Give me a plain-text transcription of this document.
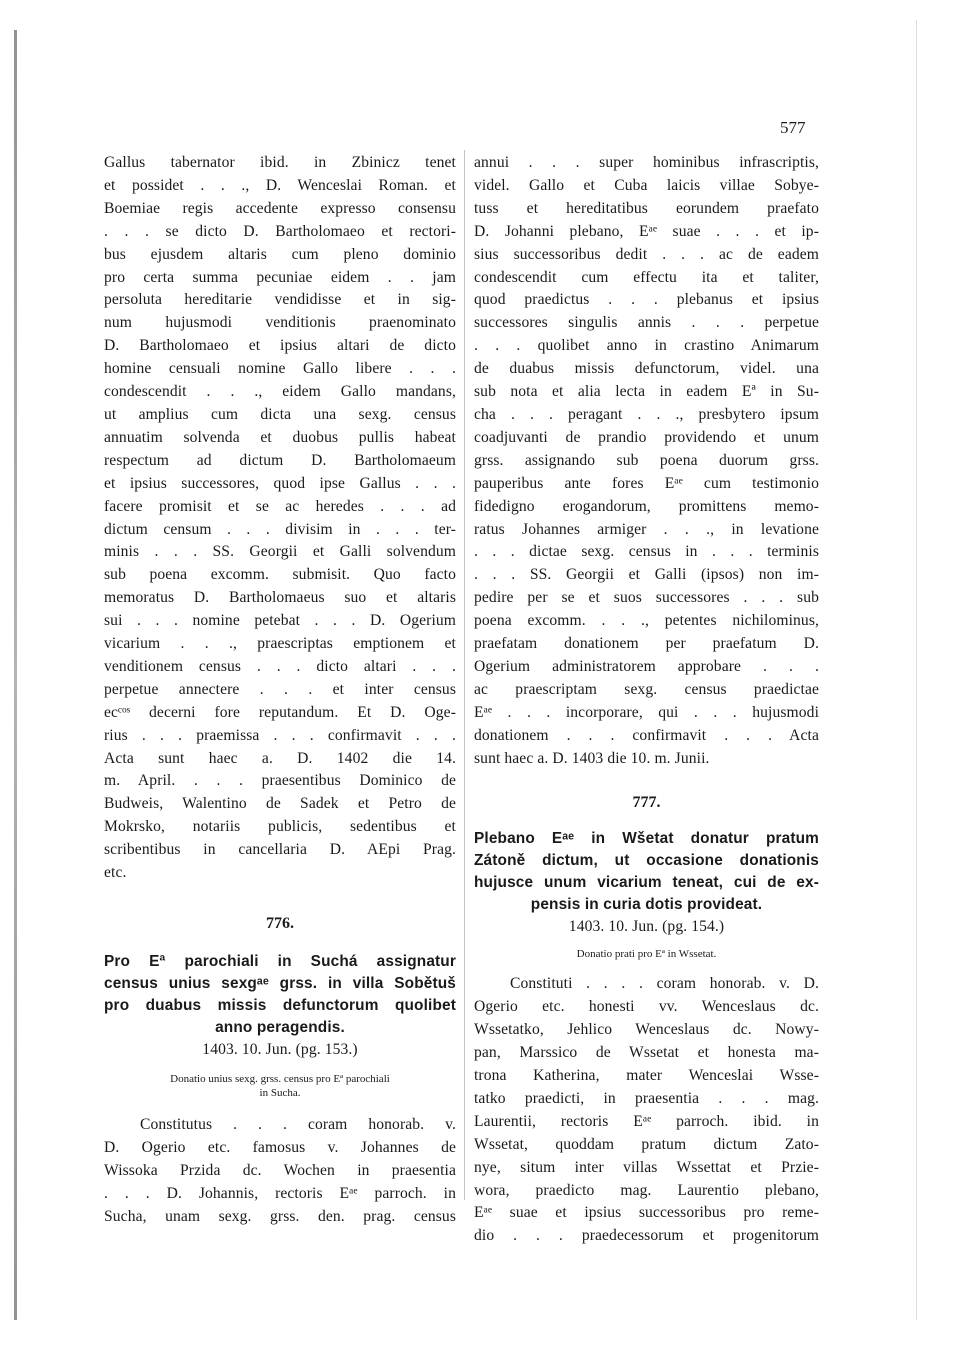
577
Gallus tabernator ibid. in Zbinicz tenet
et possidet . . ., D. Wenceslai Roman. et
Boemiae regis accedente expresso consensu
. . . se dicto D. Bartholomaeo et rectori-
bus ejusdem altaris cum pleno dominio
pro certa summa pecuniae eidem . . jam
persoluta hereditarie vendidisse et in sig-
num hujusmodi venditionis praenominato
D. Bartholomaeo et ipsius altari de dicto
homine censuali nomine Gallo libere . . .
condescendit . . ., eidem Gallo mandans,
ut amplius cum dicta una sexg. census
annuatim solvenda et duobus pullis habeat
respectum ad dictum D. Bartholomaeum
et ipsius successores, quod ipse Gallus . . .
facere promisit et se ac heredes . . . ad
dictum censum . . . divisim in . . . ter-
minis . . . SS. Georgii et Galli solvendum
sub poena excomm. submisit. Quo facto
memoratus D. Bartholomaeus suo et altaris
sui . . . nomine petebat . . . D. Ogerium
vicarium . . ., praescriptas emptionem et
venditionem census . . . dicto altari . . .
perpetue annectere . . . et inter census
ecᶜᵒˢ decerni fore reputandum. Et D. Oge-
rius . . . praemissa . . . confirmavit . . .
Acta sunt haec a. D. 1402 die 14.
m. April. . . . praesentibus Dominico de
Budweis, Walentino de Sadek et Petro de
Mokrsko, notariis publicis, sedentibus et
scribentibus in cancellaria D. AEpi Prag.
etc.
776.
Pro Eª parochiali in Suchá assignatur
census unius sexgᵃᵉ grss. in villa Sobětuš
pro duabus missis defunctorum quolibet
anno peragendis.
1403. 10. Jun. (pg. 153.)
Donatio unius sexg. grss. census pro Eª parochiali
in Sucha.
Constitutus . . . coram honorab. v.
D. Ogerio etc. famosus v. Johannes de
Wissoka Przida dc. Wochen in praesentia
. . . D. Johannis, rectoris Eᵃᵉ parroch. in
Sucha, unam sexg. grss. den. prag. census
annui . . . super hominibus infrascriptis,
videl. Gallo et Cuba laicis villae Sobye-
tuss et hereditatibus eorundem praefato
D. Johanni plebano, Eᵃᵉ suae . . . et ip-
sius successoribus dedit . . . ac de eadem
condescendit cum effectu ita et taliter,
quod praedictus . . . plebanus et ipsius
successores singulis annis . . . perpetue
. . . quolibet anno in crastino Animarum
de duabus missis defunctorum, videl. una
sub nota et alia lecta in eadem Eª in Su-
cha . . . peragant . . ., presbytero ipsum
coadjuvanti de prandio providendo et unum
grss. assignando sub poena duorum grss.
pauperibus ante fores Eᵃᵉ cum testimonio
fidedigno erogandorum, promittens memo-
ratus Johannes armiger . . ., in levatione
. . . dictae sexg. census in . . . terminis
. . . SS. Georgii et Galli (ipsos) non im-
pedire per se et suos successores . . . sub
poena excomm. . . ., petentes nichilominus,
praefatam donationem per praefatum D.
Ogerium administratorem approbare . . .
ac praescriptam sexg. census praedictae
Eᵃᵉ . . . incorporare, qui . . . hujusmodi
donationem . . . confirmavit . . . Acta
sunt haec a. D. 1403 die 10. m. Junii.
777.
Plebano Eᵃᵉ in Wšetat donatur pratum
Zátoně dictum, ut occasione donationis
hujusce unum vicarium teneat, cui de ex-
pensis in curia dotis provideat.
1403. 10. Jun. (pg. 154.)
Donatio prati pro Eª in Wssetat.
Constituti . . . . coram honorab. v. D.
Ogerio etc. honesti vv. Wenceslaus dc.
Wssetatko, Jehlico Wenceslaus dc. Nowy-
pan, Marssico de Wssetat et honesta ma-
trona Katherina, mater Wenceslai Wsse-
tatko praedicti, in praesentia . . . mag.
Laurentii, rectoris Eᵃᵉ parroch. ibid. in
Wssetat, quoddam pratum dictum Zato-
nye, situm inter villas Wssettat et Przie-
wora, praedicto mag. Laurentio plebano,
Eᵃᵉ suae et ipsius successoribus pro reme-
dio . . . praedecessorum et progenitorum
